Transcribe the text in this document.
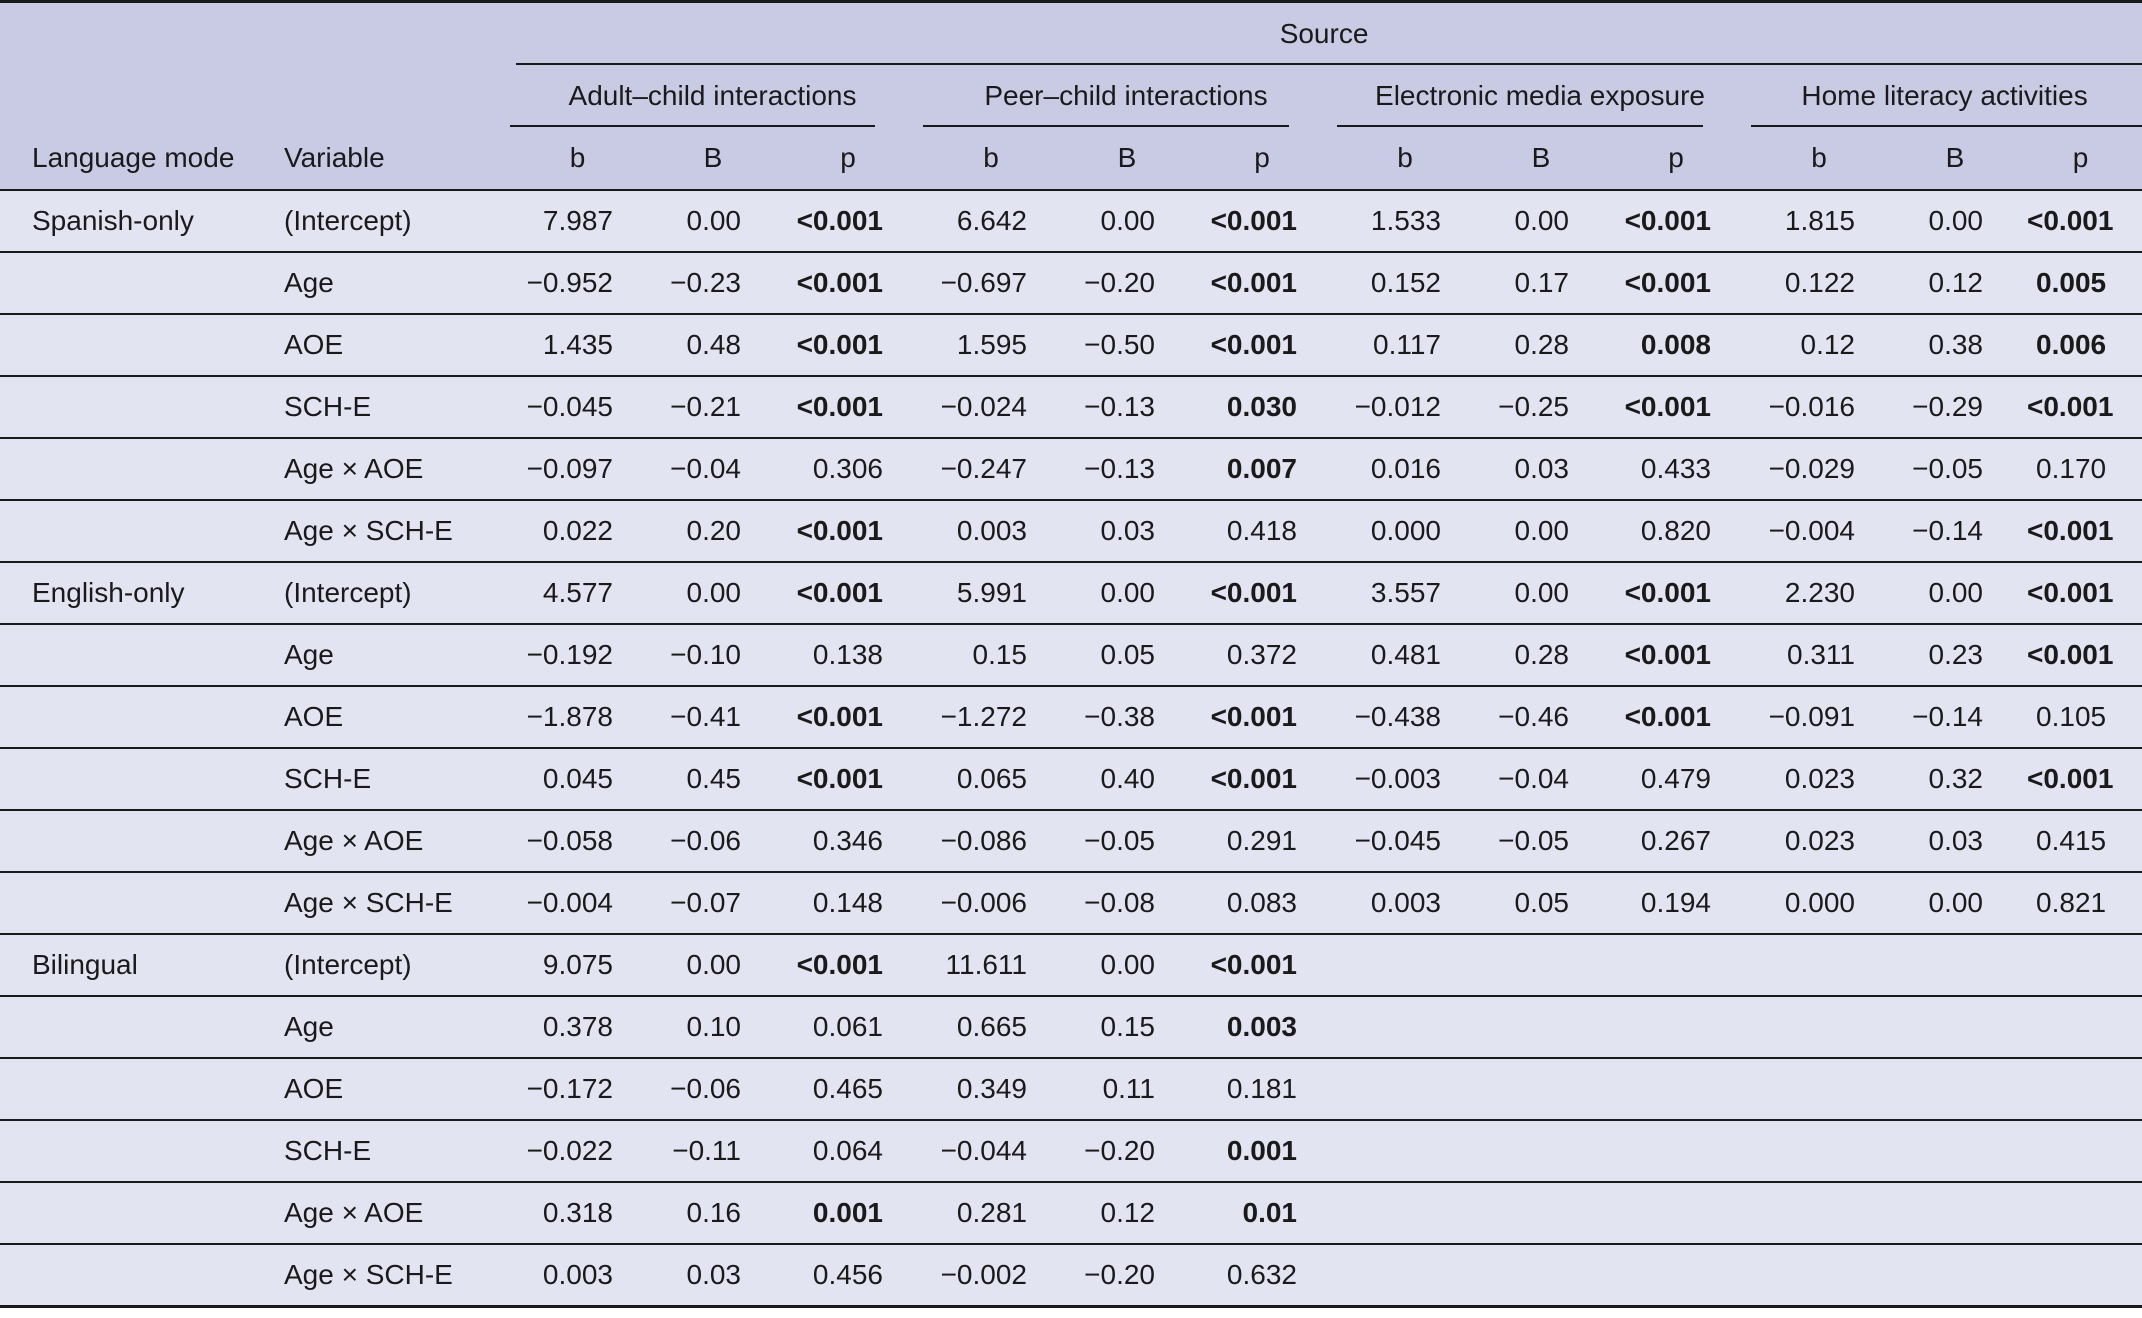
		Source											
		Adult–child interactions			Peer–child interactions			Electronic media exposure			Home literacy activities		
Language mode	Variable	b	B	p	b	B	p	b	B	p	b	B	p
Spanish-only	(Intercept)	7.987	0.00	<0.001	6.642	0.00	<0.001	1.533	0.00	<0.001	1.815	0.00	<0.001
	Age	−0.952	−0.23	<0.001	−0.697	−0.20	<0.001	0.152	0.17	<0.001	0.122	0.12	0.005
	AOE	1.435	0.48	<0.001	1.595	−0.50	<0.001	0.117	0.28	0.008	0.12	0.38	0.006
	SCH-E	−0.045	−0.21	<0.001	−0.024	−0.13	0.030	−0.012	−0.25	<0.001	−0.016	−0.29	<0.001
	Age × AOE	−0.097	−0.04	0.306	−0.247	−0.13	0.007	0.016	0.03	0.433	−0.029	−0.05	0.170
	Age × SCH-E	0.022	0.20	<0.001	0.003	0.03	0.418	0.000	0.00	0.820	−0.004	−0.14	<0.001
English-only	(Intercept)	4.577	0.00	<0.001	5.991	0.00	<0.001	3.557	0.00	<0.001	2.230	0.00	<0.001
	Age	−0.192	−0.10	0.138	0.15	0.05	0.372	0.481	0.28	<0.001	0.311	0.23	<0.001
	AOE	−1.878	−0.41	<0.001	−1.272	−0.38	<0.001	−0.438	−0.46	<0.001	−0.091	−0.14	0.105
	SCH-E	0.045	0.45	<0.001	0.065	0.40	<0.001	−0.003	−0.04	0.479	0.023	0.32	<0.001
	Age × AOE	−0.058	−0.06	0.346	−0.086	−0.05	0.291	−0.045	−0.05	0.267	0.023	0.03	0.415
	Age × SCH-E	−0.004	−0.07	0.148	−0.006	−0.08	0.083	0.003	0.05	0.194	0.000	0.00	0.821
Bilingual	(Intercept)	9.075	0.00	<0.001	11.611	0.00	<0.001						
	Age	0.378	0.10	0.061	0.665	0.15	0.003						
	AOE	−0.172	−0.06	0.465	0.349	0.11	0.181						
	SCH-E	−0.022	−0.11	0.064	−0.044	−0.20	0.001						
	Age × AOE	0.318	0.16	0.001	0.281	0.12	0.01						
	Age × SCH-E	0.003	0.03	0.456	−0.002	−0.20	0.632						
